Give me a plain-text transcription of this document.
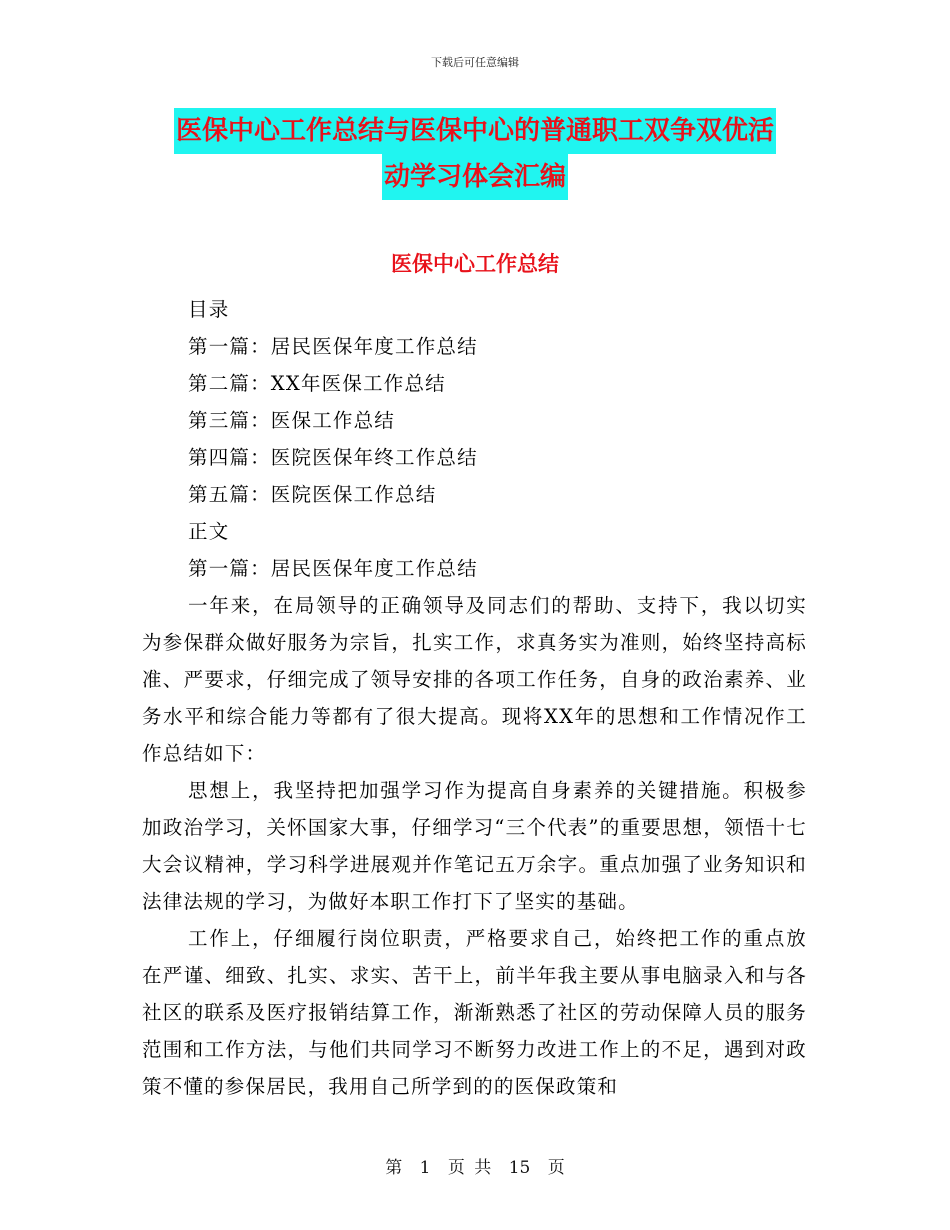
下载后可任意编辑
医保中心工作总结与医保中心的普通职工双争双优活
动学习体会汇编
医保中心工作总结

目录

第一篇：居民医保年度工作总结

第二篇：XX年医保工作总结

第三篇：医保工作总结

第四篇：医院医保年终工作总结

第五篇：医院医保工作总结

正文

第一篇：居民医保年度工作总结

一年来，在局领导的正确领导及同志们的帮助、支持下，我以切实为参保群众做好服务为宗旨，扎实工作，求真务实为准则，始终坚持高标准、严要求，仔细完成了领导安排的各项工作任务，自身的政治素养、业务水平和综合能力等都有了很大提高。现将XX年的思想和工作情况作工作总结如下：

思想上，我坚持把加强学习作为提高自身素养的关键措施。积极参加政治学习，关怀国家大事，仔细学习“三个代表”的重要思想，领悟十七大会议精神，学习科学进展观并作笔记五万余字。重点加强了业务知识和法律法规的学习，为做好本职工作打下了坚实的基础。

工作上，仔细履行岗位职责，严格要求自己，始终把工作的重点放在严谨、细致、扎实、求实、苦干上，前半年我主要从事电脑录入和与各社区的联系及医疗报销结算工作，渐渐熟悉了社区的劳动保障人员的服务范围和工作方法，与他们共同学习不断努力改进工作上的不足，遇到对政策不懂的参保居民，我用自己所学到的的医保政策和

第 1 页 共 15 页
